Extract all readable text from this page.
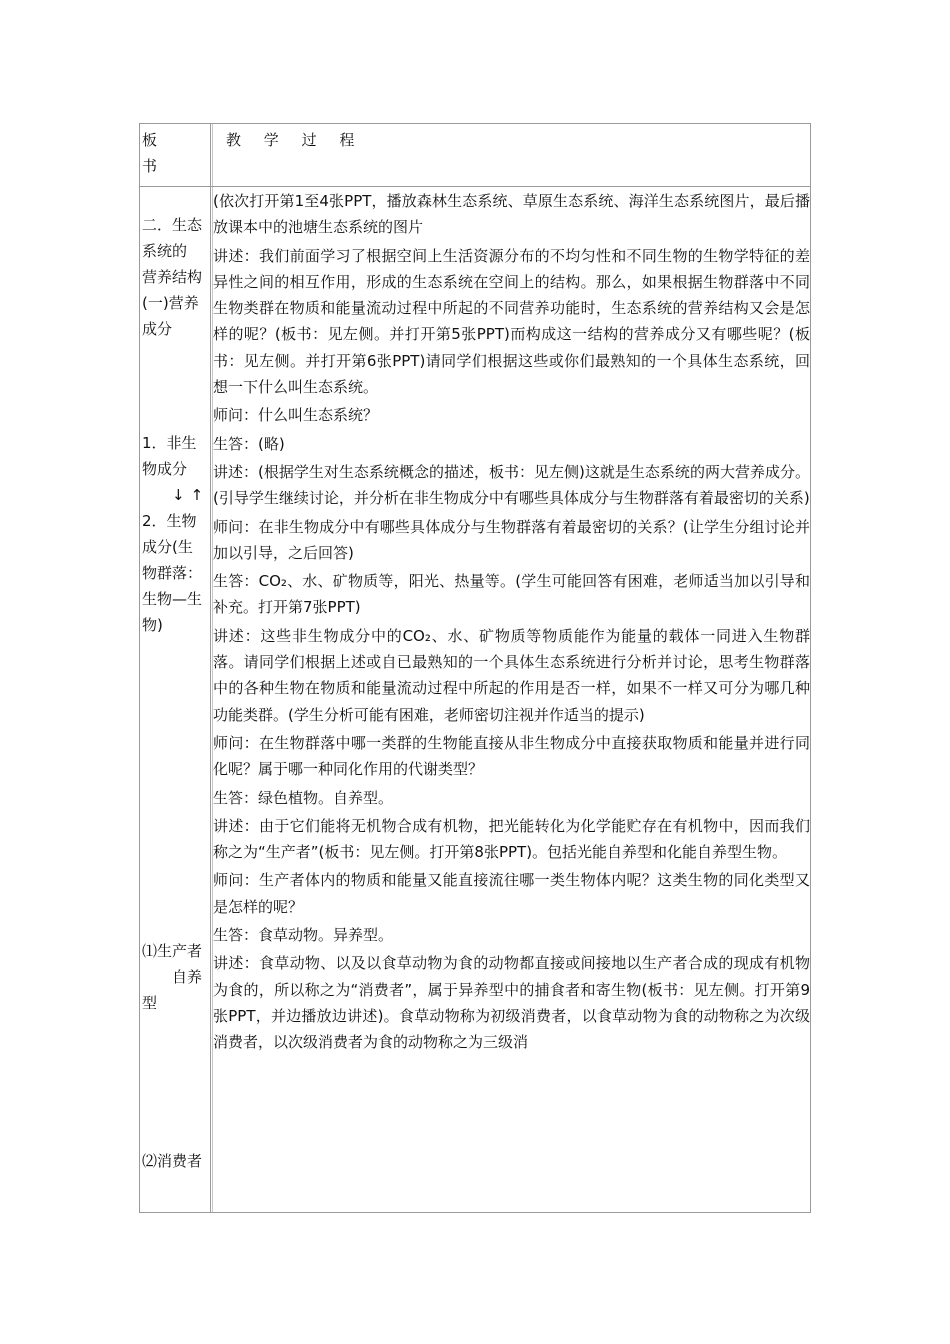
板
书
教 学 过 程
二．生态
系统的
营养结构
(一)营养
成分
1．非生
物成分
↓↑
2．生物
成分(生
物群落：
生物—生
物)
⑴生产者
　　自养
型
⑵消费者

(依次打开第1至4张PPT，播放森林生态系统、草原生态系统、海洋生态系统图片，最后播放课本中的池塘生态系统的图片

讲述：我们前面学习了根据空间上生活资源分布的不均匀性和不同生物的生物学特征的差异性之间的相互作用，形成的生态系统在空间上的结构。那么，如果根据生物群落中不同生物类群在物质和能量流动过程中所起的不同营养功能时，生态系统的营养结构又会是怎样的呢？(板书：见左侧。并打开第5张PPT)而构成这一结构的营养成分又有哪些呢？(板书：见左侧。并打开第6张PPT)请同学们根据这些或你们最熟知的一个具体生态系统，回想一下什么叫生态系统。

师问：什么叫生态系统？

生答：(略)

讲述：(根据学生对生态系统概念的描述，板书：见左侧)这就是生态系统的两大营养成分。(引导学生继续讨论，并分析在非生物成分中有哪些具体成分与生物群落有着最密切的关系)

师问：在非生物成分中有哪些具体成分与生物群落有着最密切的关系？(让学生分组讨论并加以引导，之后回答)

生答：CO₂、水、矿物质等，阳光、热量等。(学生可能回答有困难，老师适当加以引导和补充。打开第7张PPT)

讲述：这些非生物成分中的CO₂、水、矿物质等物质能作为能量的载体一同进入生物群落。请同学们根据上述或自已最熟知的一个具体生态系统进行分析并讨论，思考生物群落中的各种生物在物质和能量流动过程中所起的作用是否一样，如果不一样又可分为哪几种功能类群。(学生分析可能有困难，老师密切注视并作适当的提示)

师问：在生物群落中哪一类群的生物能直接从非生物成分中直接获取物质和能量并进行同化呢？属于哪一种同化作用的代谢类型？

生答：绿色植物。自养型。

讲述：由于它们能将无机物合成有机物，把光能转化为化学能贮存在有机物中，因而我们称之为“生产者”(板书：见左侧。打开第8张PPT)。包括光能自养型和化能自养型生物。

师问：生产者体内的物质和能量又能直接流往哪一类生物体内呢？这类生物的同化类型又是怎样的呢？

生答：食草动物。异养型。

讲述：食草动物、以及以食草动物为食的动物都直接或间接地以生产者合成的现成有机物为食的，所以称之为“消费者”，属于异养型中的捕食者和寄生物(板书：见左侧。打开第9张PPT，并边播放边讲述)。食草动物称为初级消费者，以食草动物为食的动物称之为次级消费者，以次级消费者为食的动物称之为三级消
